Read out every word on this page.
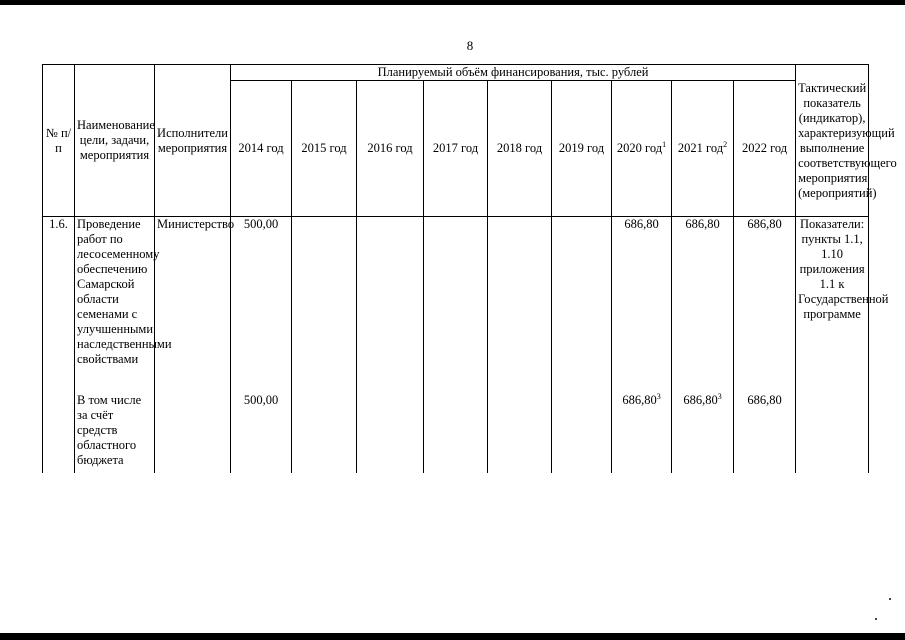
8
№ п/п	Наименование цели, задачи, мероприятия	Исполнители мероприятия	Планируемый объём финансирования, тыс. рублей									Тактический показатель (индикатор), характеризующий выполнение соответствующего мероприятия (мероприятий)
			2014 год	2015 год	2016 год	2017 год	2018 год	2019 год	2020 год$^1$	2021 год$^2$	2022 год	
1.6.	Проведение работ по лесосеменному обеспечению Самарской области семенами с улучшенными наследственными свойствами	Министерство	500,00						686,80	686,80	686,80	Показатели: пункты 1.1, 1.10 приложения 1.1 к Государственной программе
	В том числе за счёт средств областного бюджета		500,00						686,80$^3$	686,80$^3$	686,80	
